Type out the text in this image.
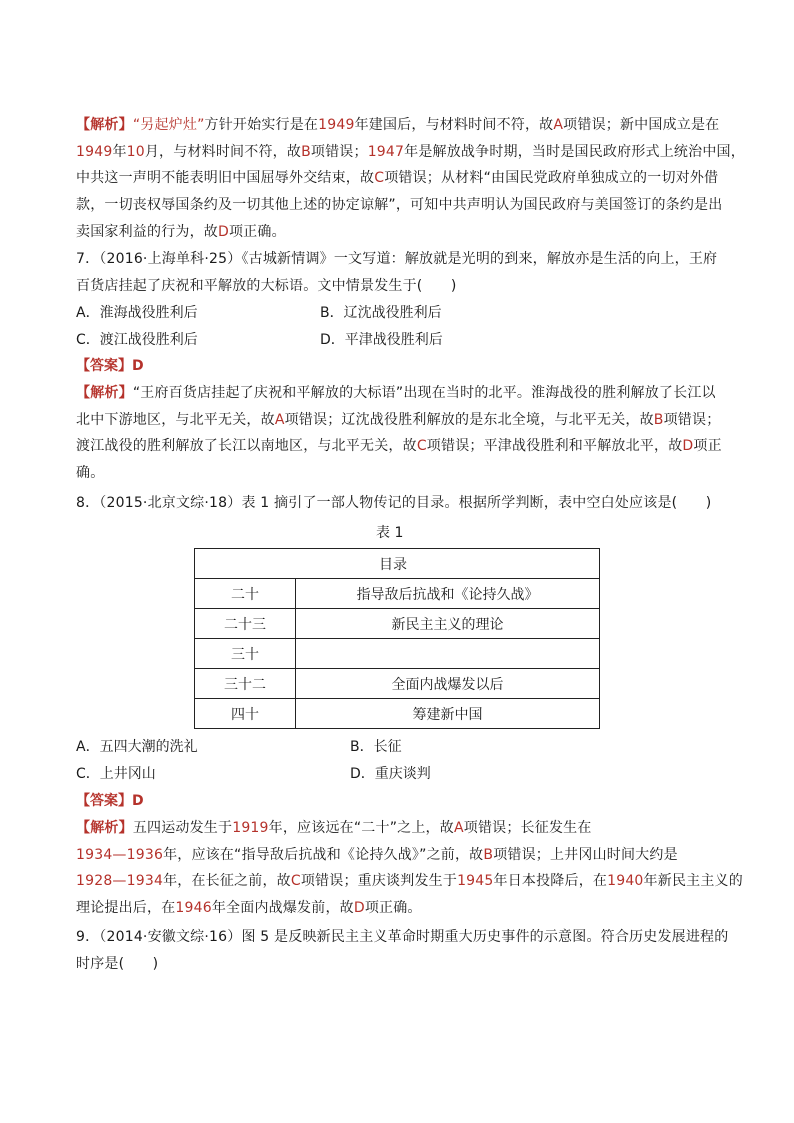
【解析】“另起炉灶”方针开始实行是在1949年建国后，与材料时间不符，故A项错误；新中国成立是在
1949年10月，与材料时间不符，故B项错误；1947年是解放战争时期，当时是国民政府形式上统治中国，
中共这一声明不能表明旧中国屈辱外交结束，故C项错误；从材料“由国民党政府单独成立的一切对外借
款，一切丧权辱国条约及一切其他上述的协定谅解”，可知中共声明认为国民政府与美国签订的条约是出
卖国家利益的行为，故D项正确。
7．（2016·上海单科·25）《古城新情调》一文写道：解放就是光明的到来，解放亦是生活的向上，王府
百货店挂起了庆祝和平解放的大标语。文中情景发生于(　　)
A．淮海战役胜利后	B．辽沈战役胜利后
C．渡江战役胜利后	D．平津战役胜利后
【答案】D
【解析】“王府百货店挂起了庆祝和平解放的大标语”出现在当时的北平。淮海战役的胜利解放了长江以
北中下游地区，与北平无关，故A项错误；辽沈战役胜利解放的是东北全境，与北平无关，故B项错误；
渡江战役的胜利解放了长江以南地区，与北平无关，故C项错误；平津战役胜利和平解放北平，故D项正
确。
8．（2015·北京文综·18）表 1 摘引了一部人物传记的目录。根据所学判断，表中空白处应该是(　　)
表 1
目录	
二十	指导敌后抗战和《论持久战》
二十三	新民主主义的理论
三十	
三十二	全面内战爆发以后
四十	筹建新中国
A．五四大潮的洗礼	B．长征
C．上井冈山	D．重庆谈判
【答案】D
【解析】五四运动发生于1919年，应该远在“二十”之上，故A项错误；长征发生在
1934—1936年，应该在“指导敌后抗战和《论持久战》”之前，故B项错误；上井冈山时间大约是
1928—1934年，在长征之前，故C项错误；重庆谈判发生于1945年日本投降后，在1940年新民主主义的
理论提出后，在1946年全面内战爆发前，故D项正确。
9．（2014·安徽文综·16）图 5 是反映新民主主义革命时期重大历史事件的示意图。符合历史发展进程的
时序是(　　)
